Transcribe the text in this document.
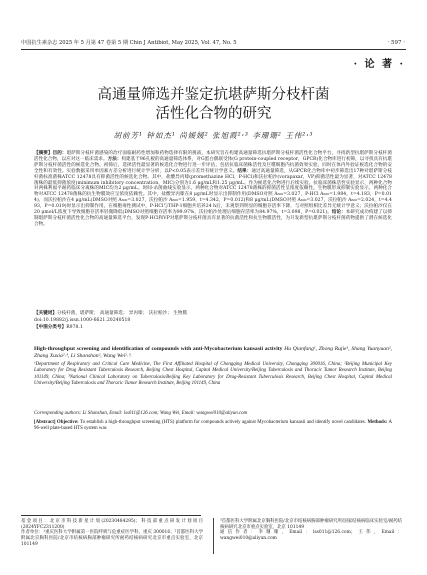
中国抗生素杂志 2025 年 5 月第 47 卷第 5 期 Chin J Antibiot, May 2025, Vol. 47, No. 5	· 597 ·
· 论 著 ·
高通量筛选并鉴定抗堪萨斯分枝杆菌
活性化合物的研究
胡前芳¹ 钟如杰¹ 尚媛媛² 张旭霞²˒³ 李珊珊² 王伟²˒³
【摘要】目的：堪萨斯分枝杆菌感染的治疗面临耐药性增加和药物选择有限的挑战，本研究旨在构建高通量筛选抗堪萨斯分枝杆菌活性化合物平台，寻找新型抗堪萨斯分枝杆菌活性化合物，以应对这一临床需求。方法：构建基于96孔板的高通量筛选体系，对G蛋白偶联受体(G protein-coupled receptor，GPCR)化合物库进行初筛，以寻找具有抗堪萨斯分枝杆菌活性的候选化合物。初筛后，选择活性最显著的候选化合物进行进一步评估，包括抗临床菌株活性及巨噬细胞内抗菌效果实验，同时在体内外验证候选化合物的安全性和有效性。实验数据采用单因素方差分析进行统计学分析，以P<0.05表示差异有统计学意义。结果：通过高通量筛选，从GPCR化合物库中初步筛选出17种对堪萨斯分枝杆菌标准菌株ATCC 12478具有抑菌活性的候选化合物。其中，盐酸异丙嗪(promethazine HCl，P-HCl)和沃拉帕沙(vorapaxar，VP)抑菌活性最为显著，对ATCC 12478菌株的最低抑菌浓度(minimum inhibitory concentration，MIC)分别为1.6 μg/mL和1.25 μg/mL。作为候选化合物进行后续实验。抗临床菌株活性实验显示，两种化合物对两株利福平耐药临床分离株的MIC均为2 μg/mL。时间-杀菌曲线实验显示，两种化合物对ATCC 12478菌株的抑菌活性呈浓度依赖性。生物膜形成抑制实验显示，两种化合物对ATCC 12478菌株的抗生物膜效应呈浓度依赖性。其中，盐酸异丙嗪在8 μg/mL时显示出抑制作用(DMSO对照 A₆₀₀=3.027，P-HCl A₆₀₀=1.984，t=4.183，P=0.014)，而沃拉帕沙在4 μg/mL(DMSO对照 A₆₀₀=3.027，沃拉帕沙 A₆₀₀=1.959，t=4.342，P=0.012)和8 μg/mL(DMSO对照 A₆₀₀=3.027，沃拉帕沙 A₆₀₀=2.024，t=4.493，P=0.019)时显示出抑制作用。在细胞毒性测试中，P-HCl与THP-1细胞共培养24 h后，未观察到明显的细胞存活率下降，与对照组相比差异无统计学意义；沃拉帕沙仅在20 μmol/L浓度下导致细胞存活率轻微降低(DMSO对照细胞存活率为99.97%，沃拉帕沙处理后细胞存活率为84.97%，t=3.098，P=0.021)。结论：本研究成功构建了以抑制堪萨斯分枝杆菌活性化合物的高通量筛选平台，发现P-HCl和VP对堪萨斯分枝杆菌具有显著的抗菌活性和抗生物膜活性，为开发新型抗堪萨斯分枝杆菌药物提供了潜在候选化合物。
【关键词】分枝杆菌，堪萨斯； 高通量筛选； 异丙嗪； 沃拉帕沙； 生物膜
doi:10.19882/j.issn.1000-6621.20240518
【中图分类号】R978.1
High-throughput screening and identification of compounds with anti-Mycobacterium kansasii activity Hu Qianfang¹, Zhong Rujie¹, Shang Yuanyuan², Zhang Xuxia²˒³, Li Shanshan², Wang Wei²˒³.
¹Department of Respiratory and Critical Care Medicine, The First Affiliated Hospital of Chongqing Medical University, Chongqing 300016, China; ²Beijing Municipal Key Laboratory for Drug Resistant Tuberculosis Research, Beijing Chest Hospital, Capital Medical University/Beijing Tuberculosis and Thoracic Tumor Research Institute, Beijing 101149, China; ³National Clinical Laboratory on Tuberculosis/Beijing Key Laboratory for Drug-Resistant Tuberculosis Research, Beijing Chest Hospital, Capital Medical University/Beijing Tuberculosis and Thoracic Tumor Research Institute, Beijing 101149, China
Corresponding authors: Li Shanshan, Email: lss011@126.com; Wang Wei, Email: wangwei010@aliyun.com
[Abstract] Objective: To establish a high-throughput screening (HTS) platform for compounds actively against Mycobacterium kansasii and identify novel candidates. Methods: A 96-well plate-based HTS system was
基金项目：北京市科技新星计划(20230484295)；科技部重点研发计划项目(2024YFC2311200)
作者单位：¹重庆医科大学附属第一医院呼吸与危重症医学科，重庆 300016；²首都医科大学附属北京胸科医院/北京市结核病胸部肿瘤研究所耐药结核病研究北京市重点实验室，北京 101149
³首都医科大学附属北京胸科医院/北京市结核病胸部肿瘤研究所/国家结核病临床实验室/耐药结核病研究北京市重点实验室，北京 101149
通信作者：李珊珊，Email：lss011@126.com；王伟，Email：wangwei010@aliyun.com
